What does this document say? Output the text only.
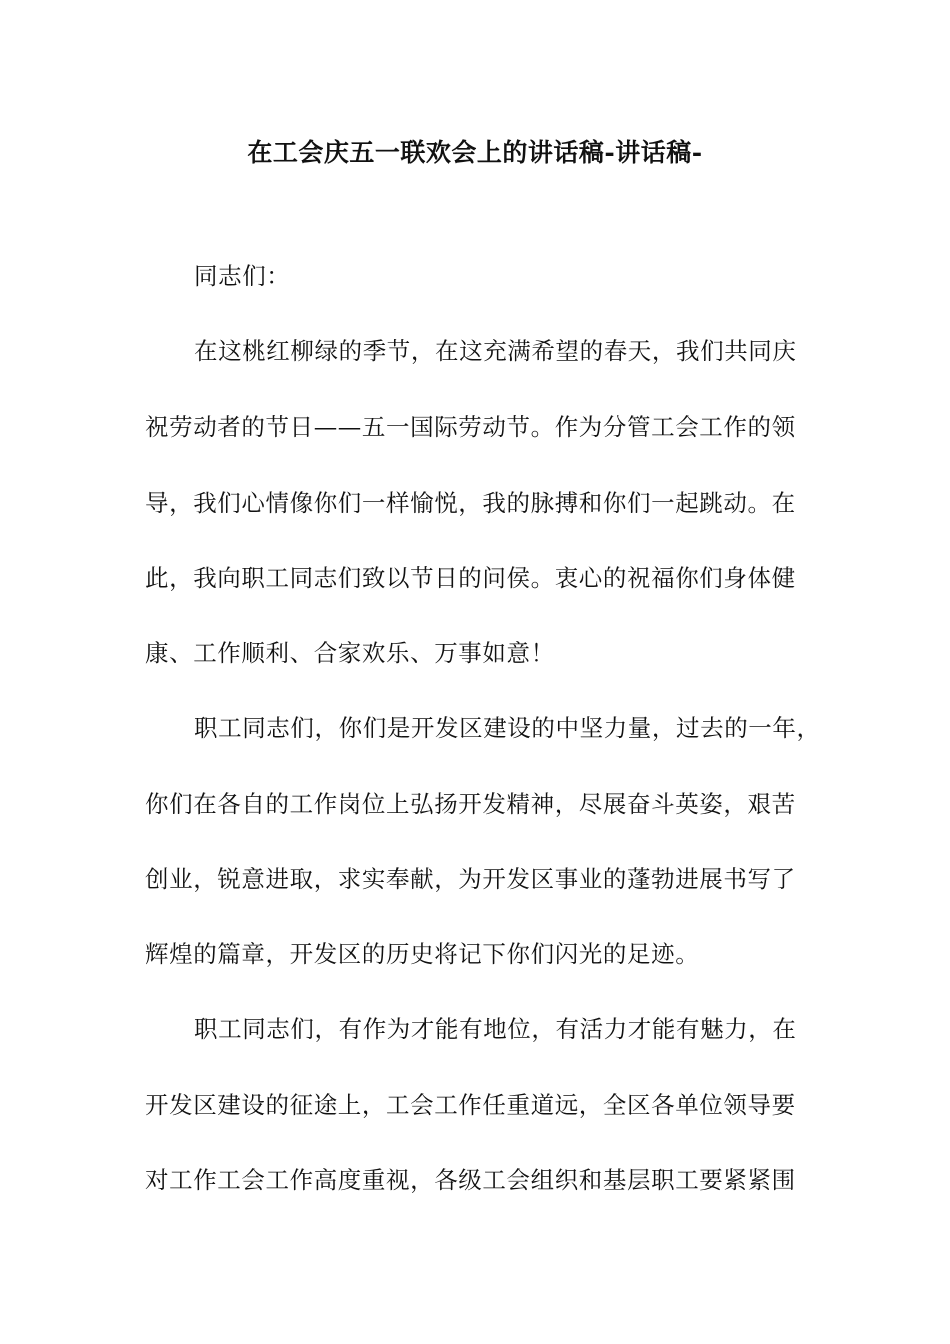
在工会庆五一联欢会上的讲话稿-讲话稿-
同志们：
在这桃红柳绿的季节，在这充满希望的春天，我们共同庆
祝劳动者的节日——五一国际劳动节。作为分管工会工作的领
导，我们心情像你们一样愉悦，我的脉搏和你们一起跳动。在
此，我向职工同志们致以节日的问侯。衷心的祝福你们身体健
康、工作顺利、合家欢乐、万事如意！
职工同志们，你们是开发区建设的中坚力量，过去的一年，
你们在各自的工作岗位上弘扬开发精神，尽展奋斗英姿，艰苦
创业，锐意进取，求实奉献，为开发区事业的蓬勃进展书写了
辉煌的篇章，开发区的历史将记下你们闪光的足迹。
职工同志们，有作为才能有地位，有活力才能有魅力，在
开发区建设的征途上，工会工作任重道远，全区各单位领导要
对工作工会工作高度重视，各级工会组织和基层职工要紧紧围
